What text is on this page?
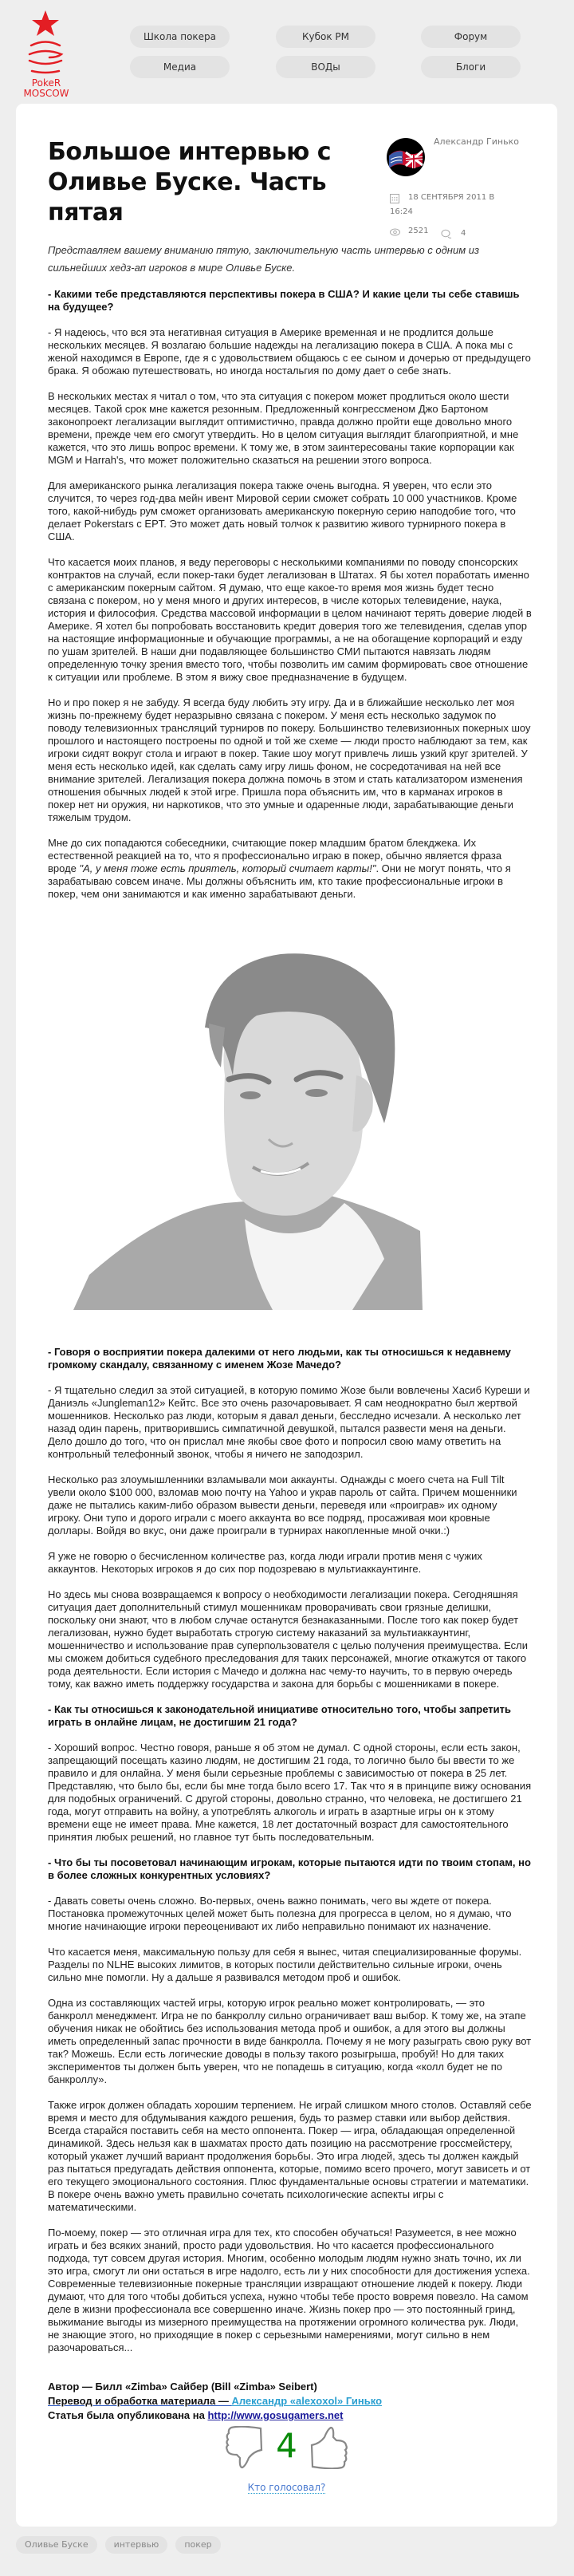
PokeR
MOSCOW
Школа покера	Кубок PM	Форум
Медиа	ВОДы	Блоги
Большое интервью с Оливье Буске. Часть пятая
Александр Гинько
18 СЕНТЯБРЯ 2011 В
16:24
2521	4

Представляем вашему вниманию пятую, заключительную часть интервью с одним из сильнейших хедз-ап игроков в мире Оливье Буске.

- Какими тебе представляются перспективы покера в США? И какие цели ты себе ставишь на будущее?

- Я надеюсь, что вся эта негативная ситуация в Америке временная и не продлится дольше нескольких месяцев. Я возлагаю большие надежды на легализацию покера в США. А пока мы с женой находимся в Европе, где я с удовольствием общаюсь с ее сыном и дочерью от предыдущего брака. Я обожаю путешествовать, но иногда ностальгия по дому дает о себе знать.

В нескольких местах я читал о том, что эта ситуация с покером может продлиться около шести месяцев. Такой срок мне кажется резонным. Предложенный конгрессменом Джо Бартоном законопроект легализации выглядит оптимистично, правда должно пройти еще довольно много времени, прежде чем его смогут утвердить. Но в целом ситуация выглядит благоприятной, и мне кажется, что это лишь вопрос времени. К тому же, в этом заинтересованы такие корпорации как MGM и Harrah's, что может положительно сказаться на решении этого вопроса.

Для американского рынка легализация покера также очень выгодна. Я уверен, что если это случится, то через год-два мейн ивент Мировой серии сможет собрать 10 000 участников. Кроме того, какой-нибудь рум сможет организовать американскую покерную серию наподобие того, что делает Pokerstars с EPT. Это может дать новый толчок к развитию живого турнирного покера в США.

Что касается моих планов, я веду переговоры с несколькими компаниями по поводу спонсорских контрактов на случай, если покер-таки будет легализован в Штатах. Я бы хотел поработать именно с американским покерным сайтом. Я думаю, что еще какое-то время моя жизнь будет тесно связана с покером, но у меня много и других интересов, в числе которых телевидение, наука, история и философия. Средства массовой информации в целом начинают терять доверие людей в Америке. Я хотел бы попробовать восстановить кредит доверия того же телевидения, сделав упор на настоящие информационные и обучающие программы, а не на обогащение корпораций и езду по ушам зрителей. В наши дни подавляющее большинство СМИ пытаются навязать людям определенную точку зрения вместо того, чтобы позволить им самим формировать свое отношение к ситуации или проблеме. В этом я вижу свое предназначение в будущем.

Но и про покер я не забуду. Я всегда буду любить эту игру. Да и в ближайшие несколько лет моя жизнь по-прежнему будет неразрывно связана с покером. У меня есть несколько задумок по поводу телевизионных трансляций турниров по покеру. Большинство телевизионных покерных шоу прошлого и настоящего построены по одной и той же схеме — люди просто наблюдают за тем, как игроки сидят вокруг стола и играют в покер. Такие шоу могут привлечь лишь узкий круг зрителей. У меня есть несколько идей, как сделать саму игру лишь фоном, не сосредотачивая на ней все внимание зрителей. Легализация покера должна помочь в этом и стать катализатором изменения отношения обычных людей к этой игре. Пришла пора объяснить им, что в карманах игроков в покер нет ни оружия, ни наркотиков, что это умные и одаренные люди, зарабатывающие деньги тяжелым трудом.

Мне до сих попадаются собеседники, считающие покер младшим братом блекджека. Их естественной реакцией на то, что я профессионально играю в покер, обычно является фраза вроде "А, у меня тоже есть приятель, который считает карты!". Они не могут понять, что я зарабатываю совсем иначе. Мы должны объяснить им, кто такие профессиональные игроки в покер, чем они занимаются и как именно зарабатывают деньги.

- Говоря о восприятии покера далекими от него людьми, как ты относишься к недавнему громкому скандалу, связанному с именем Жозе Мачедо?

- Я тщательно следил за этой ситуацией, в которую помимо Жозе были вовлечены Хасиб Куреши и Даниэль «Jungleman12» Кейтс. Все это очень разочаровывает. Я сам неоднократно был жертвой мошенников. Несколько раз люди, которым я давал деньги, бесследно исчезали. А несколько лет назад один парень, притворившись симпатичной девушкой, пытался развести меня на деньги. Дело дошло до того, что он прислал мне якобы свое фото и попросил свою маму ответить на контрольный телефонный звонок, чтобы я ничего не заподозрил.

Несколько раз злоумышленники взламывали мои аккаунты. Однажды с моего счета на Full Tilt увели около $100 000, взломав мою почту на Yahoo и украв пароль от сайта. Причем мошенники даже не пытались каким-либо образом вывести деньги, переведя или «проиграв» их одному игроку. Они тупо и дорого играли с моего аккаунта во все подряд, просаживая мои кровные доллары. Войдя во вкус, они даже проиграли в турнирах накопленные мной очки.:)

Я уже не говорю о бесчисленном количестве раз, когда люди играли против меня с чужих аккаунтов. Некоторых игроков я до сих пор подозреваю в мультиаккаунтинге.

Но здесь мы снова возвращаемся к вопросу о необходимости легализации покера. Сегодняшняя ситуация дает дополнительный стимул мошенникам проворачивать свои грязные делишки, поскольку они знают, что в любом случае останутся безнаказанными. После того как покер будет легализован, нужно будет выработать строгую систему наказаний за мультиаккаунтинг, мошенничество и использование прав суперпользователя с целью получения преимущества. Если мы сможем добиться судебного преследования для таких персонажей, многие откажутся от такого рода деятельности. Если история с Мачедо и должна нас чему-то научить, то в первую очередь тому, как важно иметь поддержку государства и закона для борьбы с мошенниками в покере.

- Как ты относишься к законодательной инициативе относительно того, чтобы запретить играть в онлайне лицам, не достигшим 21 года?

- Хороший вопрос. Честно говоря, раньше я об этом не думал. С одной стороны, если есть закон, запрещающий посещать казино людям, не достигшим 21 года, то логично было бы ввести то же правило и для онлайна. У меня были серьезные проблемы с зависимостью от покера в 25 лет. Представляю, что было бы, если бы мне тогда было всего 17. Так что я в принципе вижу основания для подобных ограничений. С другой стороны, довольно странно, что человека, не достигшего 21 года, могут отправить на войну, а употреблять алкоголь и играть в азартные игры он к этому времени еще не имеет права. Мне кажется, 18 лет достаточный возраст для самостоятельного принятия любых решений, но главное тут быть последовательным.

- Что бы ты посоветовал начинающим игрокам, которые пытаются идти по твоим стопам, но в более сложных конкурентных условиях?

- Давать советы очень сложно. Во-первых, очень важно понимать, чего вы ждете от покера. Постановка промежуточных целей может быть полезна для прогресса в целом, но я думаю, что многие начинающие игроки переоценивают их либо неправильно понимают их назначение.

Что касается меня, максимальную пользу для себя я вынес, читая специализированные форумы. Разделы по NLHE высоких лимитов, в которых постили действительно сильные игроки, очень сильно мне помогли. Ну а дальше я развивался методом проб и ошибок.

Одна из составляющих частей игры, которую игрок реально может контролировать, — это банкролл менеджмент. Игра не по банкроллу сильно ограничивает ваш выбор. К тому же, на этапе обучения никак не обойтись без использования метода проб и ошибок, а для этого вы должны иметь определенный запас прочности в виде банкролла. Почему я не могу разыграть свою руку вот так? Можешь. Если есть логические доводы в пользу такого розыгрыша, пробуй! Но для таких экспериментов ты должен быть уверен, что не попадешь в ситуацию, когда «колл будет не по банкроллу».

Также игрок должен обладать хорошим терпением. Не играй слишком много столов. Оставляй себе время и место для обдумывания каждого решения, будь то размер ставки или выбор действия. Всегда старайся поставить себя на место оппонента. Покер — игра, обладающая определенной динамикой. Здесь нельзя как в шахматах просто дать позицию на рассмотрение гроссмейстеру, который укажет лучший вариант продолжения борьбы. Это игра людей, здесь ты должен каждый раз пытаться предугадать действия оппонента, которые, помимо всего прочего, могут зависеть и от его текущего эмоционального состояния. Плюс фундаментальные основы стратегии и математики. В покере очень важно уметь правильно сочетать психологические аспекты игры с математическими.

По-моему, покер — это отличная игра для тех, кто способен обучаться! Разумеется, в нее можно играть и без всяких знаний, просто ради удовольствия. Но что касается профессионального подхода, тут совсем другая история. Многим, особенно молодым людям нужно знать точно, их ли это игра, смогут ли они остаться в игре надолго, есть ли у них способности для достижения успеха. Современные телевизионные покерные трансляции извращают отношение людей к покеру. Люди думают, что для того чтобы добиться успеха, нужно чтобы тебе просто вовремя повезло. На самом деле в жизни профессионала все совершенно иначе. Жизнь покер про — это постоянный гринд, выжимание выгоды из мизерного преимущества на протяжении огромного количества рук. Люди, не знающие этого, но приходящие в покер с серьезными намерениями, могут сильно в нем разочароваться...

Автор — Билл «Zimba» Сайбер (Bill «Zimba» Seibert)
Перевод и обработка материала — Александр «alexoxol» Гинько
Статья была опубликована на http://www.gosugamers.net
4
Кто голосовал?
Оливье Буске	интервью	покер
